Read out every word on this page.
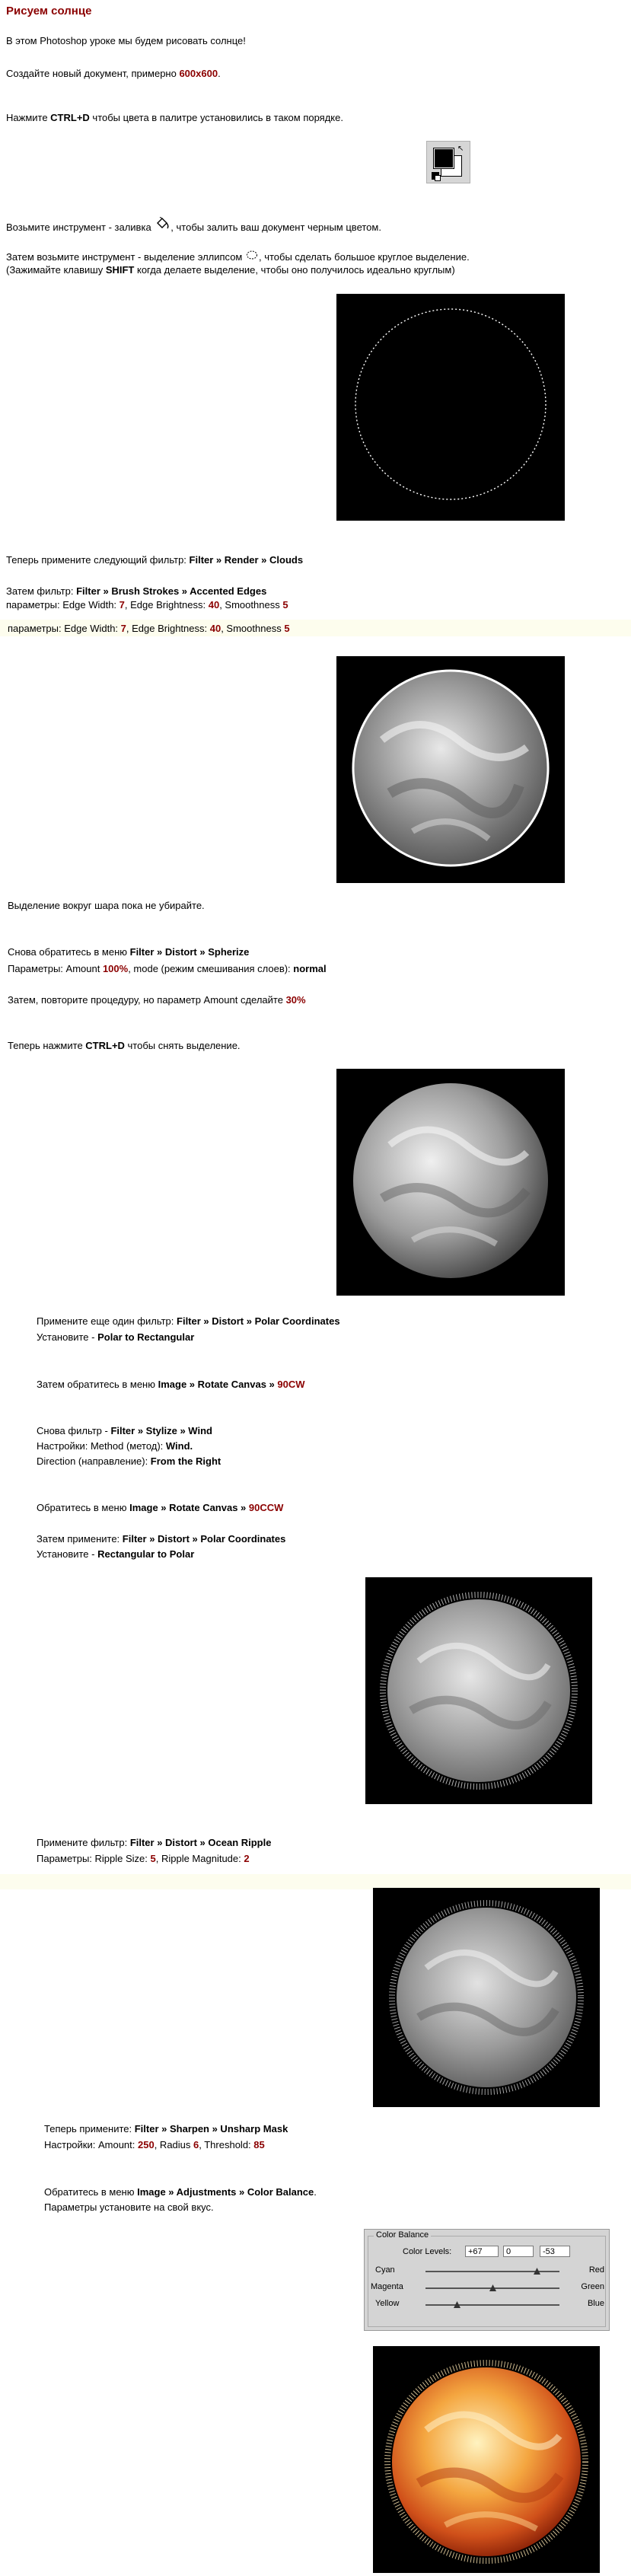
Рисуем солнце
В этом Photoshop уроке мы будем рисовать солнце!
Создайте новый документ, примерно 600x600.
Нажмите CTRL+D чтобы цвета в палитре установились в таком порядке.
↖
Возьмите инструмент - заливка , чтобы залить ваш документ черным цветом.
Затем возьмите инструмент - выделение эллипсом , чтобы сделать большое круглое выделение.
(Зажимайте клавишу SHIFT когда делаете выделение, чтобы оно получилось идеально круглым)
Теперь примените следующий фильтр: Filter » Render » Clouds
Затем фильтр: Filter » Brush Strokes » Accented Edges
параметры: Edge Width: 7, Edge Brightness: 40, Smoothness 5
параметры: Edge Width: 7, Edge Brightness: 40, Smoothness 5
Выделение вокруг шара пока не убирайте.
Снова обратитесь в меню Filter » Distort » Spherize
Параметры: Amount 100%, mode (режим смешивания слоев): normal
Затем, повторите процедуру, но параметр Amount сделайте 30%
Теперь нажмите CTRL+D чтобы снять выделение.
Примените еще один фильтр: Filter » Distort » Polar Coordinates
Установите - Polar to Rectangular
Затем обратитесь в меню Image » Rotate Canvas » 90CW
Снова фильтр - Filter » Stylize » Wind
Настройки: Method (метод): Wind.
Direction (направление): From the Right
Обратитесь в меню Image » Rotate Canvas » 90CCW
Затем примените: Filter » Distort » Polar Coordinates
Установите - Rectangular to Polar
Примените фильтр: Filter » Distort » Ocean Ripple
Параметры: Ripple Size: 5, Ripple Magnitude: 2
Теперь примените: Filter » Sharpen » Unsharp Mask
Настройки: Amount: 250, Radius 6, Threshold: 85
Обратитесь в меню Image » Adjustments » Color Balance.
Параметры установите на свой вкус.
Color Balance
Color Levels:	+67	0	-53
Cyan	Red
Magenta	Green
Yellow	Blue
